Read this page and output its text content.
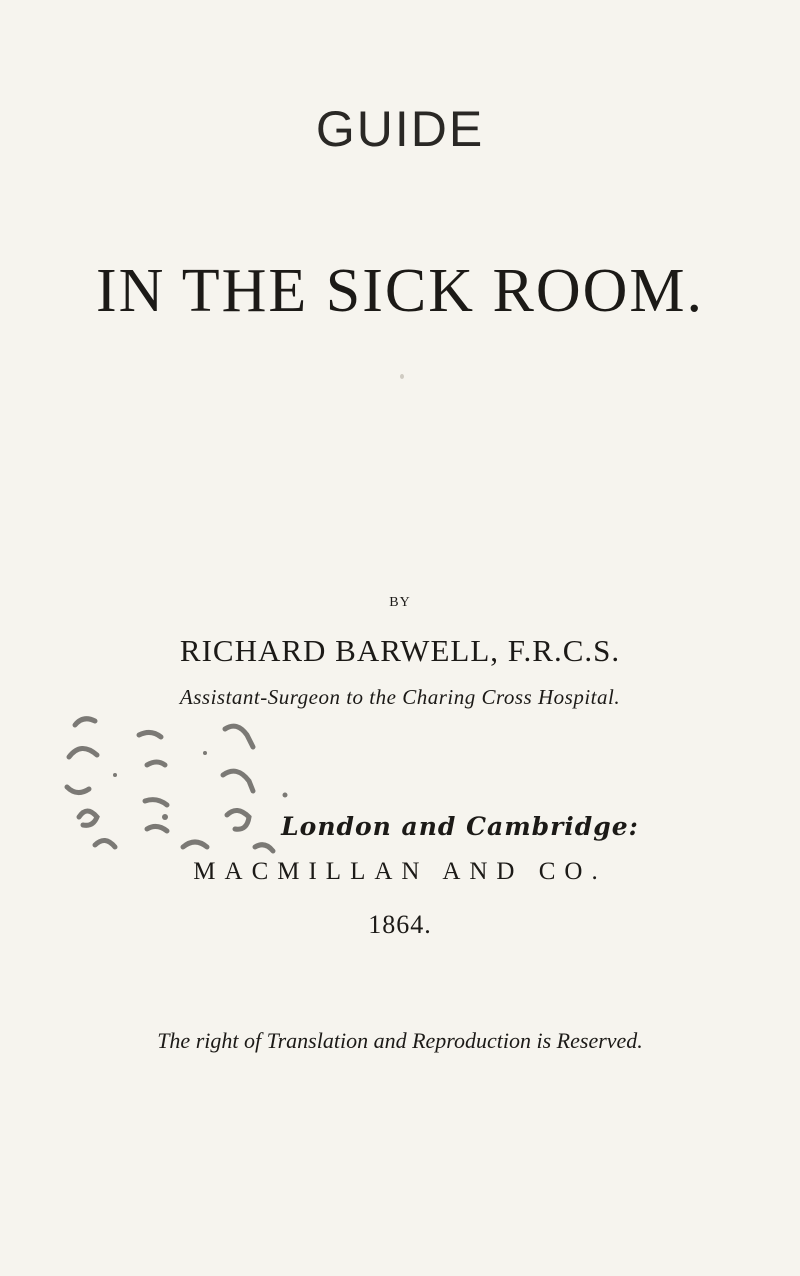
GUIDE
IN THE SICK ROOM.
BY
RICHARD BARWELL, F.R.C.S.
Assistant-Surgeon to the Charing Cross Hospital.
London and Cambridge:
MACMILLAN AND CO.
1864.
The right of Translation and Reproduction is Reserved.
